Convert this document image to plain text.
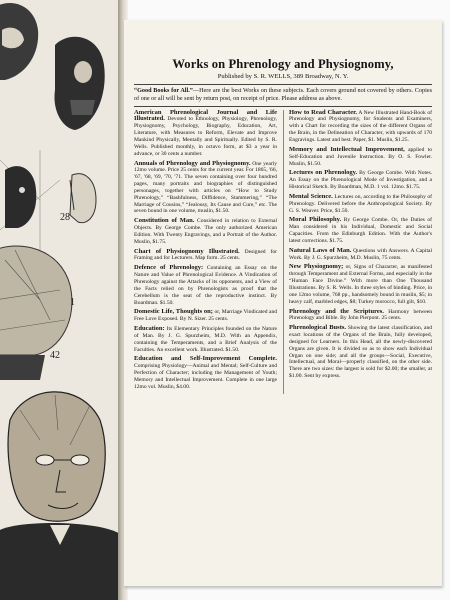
28
1
42
Works on Phrenology and Physiognomy,
Published by S. R. WELLS, 389 Broadway, N. Y.
“Good Books for All.”—Here are the best Works on these subjects. Each covers ground not covered by others. Copies of one or all will be sent by return post, on receipt of price. Please address as above.
American Phrenological Journal and Life Illustrated. Devoted to Ethnology, Physiology, Phrenology, Physiognomy, Psychology, Biography, Education, Art, Literature, with Measures to Reform, Elevate and Improve Mankind Physically, Mentally and Spiritually. Edited by S. R. Wells. Published monthly, in octavo form, at $3 a year in advance, or 30 cents a number.
Annuals of Phrenology and Physiognomy. One yearly 12mo volume. Price 25 cents for the current year. For 1865, '66, '67, '68, '69, '70, '71. The seven containing over four hundred pages, many portraits and biographies of distinguished personages, together with articles on “How to Study Phrenology,” “Bashfulness, Diffidence, Stammering,” “The Marriage of Cousins,” “Jealousy, Its Cause and Cure,” etc. The seven bound in one volume, muslin, $1.50.
Constitution of Man. Considered in relation to External Objects. By George Combe. The only authorized American Edition. With Twenty Engravings, and a Portrait of the Author. Muslin, $1.75.
Chart of Physiognomy Illustrated. Designed for Framing and for Lecturers. Map form. 25 cents.
Defence of Phrenology: Containing an Essay on the Nature and Value of Phrenological Evidence. A Vindication of Phrenology against the Attacks of its opponents, and a View of the Facts relied on by Phrenologists as proof that the Cerebellum is the seat of the reproductive instinct. By Boardman. $1.50.
Domestic Life, Thoughts on; or, Marriage Vindicated and Free Love Exposed. By N. Sizer. 25 cents.
Education: Its Elementary Principles founded on the Nature of Man. By J. G. Spurzheim, M.D. With an Appendix, containing the Temperaments, and a Brief Analysis of the Faculties. An excellent work. Illustrated. $1.50.
Education and Self-Improvement Complete. Comprising Physiology—Animal and Mental; Self-Culture and Perfection of Character; including the Management of Youth; Memory and Intellectual Improvement. Complete in one large 12mo vol. Muslin, $4.00.
How to Read Character. A New Illustrated Hand-Book of Phrenology and Physiognomy, for Students and Examiners, with a Chart for recording the sizes of the different Organs of the Brain, in the Delineation of Character, with upwards of 170 Engravings. Latest and best. Paper, $1. Muslin, $1.25.
Memory and Intellectual Improvement, applied to Self-Education and Juvenile Instruction. By O. S. Fowler. Muslin, $1.50.
Lectures on Phrenology. By George Combe. With Notes. An Essay on the Phrenological Mode of Investigation, and a Historical Sketch. By Boardman, M.D. 1 vol. 12mo. $1.75.
Mental Science. Lectures on, according to the Philosophy of Phrenology. Delivered before the Anthropological Society. By G. S. Weaver. Price, $1.50.
Moral Philosophy. By George Combe. Or, the Duties of Man considered in his Individual, Domestic and Social Capacities. From the Edinburgh Edition. With the Author's latest corrections. $1.75.
Natural Laws of Man. Questions with Answers. A Capital Work. By J. G. Spurzheim, M.D. Muslin, 75 cents.
New Physiognomy; or, Signs of Character, as manifested through Temperament and External Forms, and especially in the “Human Face Divine.” With more than One Thousand Illustrations. By S. R. Wells. In three styles of binding. Price, in one 12mo volume, 768 pp., handsomely bound in muslin, $5; in heavy calf, marbled edges, $8; Turkey morocco, full gilt, $10.
Phrenology and the Scriptures. Harmony between Phrenology and Bible. By John Pierpont. 25 cents.
Phrenological Busts. Showing the latest classification, and exact locations of the Organs of the Brain, fully developed, designed for Learners. In this Head, all the newly-discovered Organs are given. It is divided so as to show each Individual Organ on one side; and all the groups—Social, Executive, Intellectual, and Moral—properly classified, on the other side. There are two sizes: the largest is sold for $2.00; the smaller, at $1.00. Sent by express.
